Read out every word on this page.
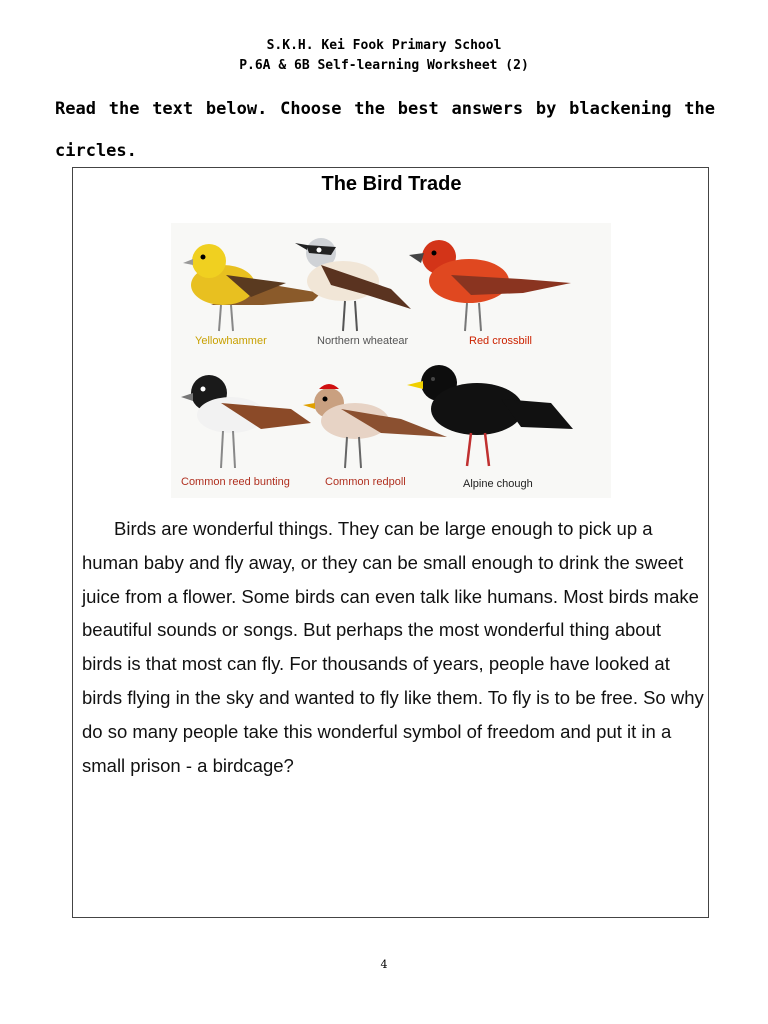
S.K.H. Kei Fook Primary School
P.6A & 6B Self-learning Worksheet (2)
Read the text below. Choose the best answers by blackening the
circles.
The Bird Trade
Yellowhammer	Northern wheatear	Red crossbill
Common reed bunting	Common redpoll	Alpine chough

Birds are wonderful things. They can be large enough to pick up a human baby and fly away, or they can be small enough to drink the sweet juice from a flower. Some birds can even talk like humans. Most birds make beautiful sounds or songs. But perhaps the most wonderful thing about birds is that most can fly. For thousands of years, people have looked at birds flying in the sky and wanted to fly like them. To fly is to be free. So why do so many people take this wonderful symbol of freedom and put it in a small prison - a birdcage?

4
